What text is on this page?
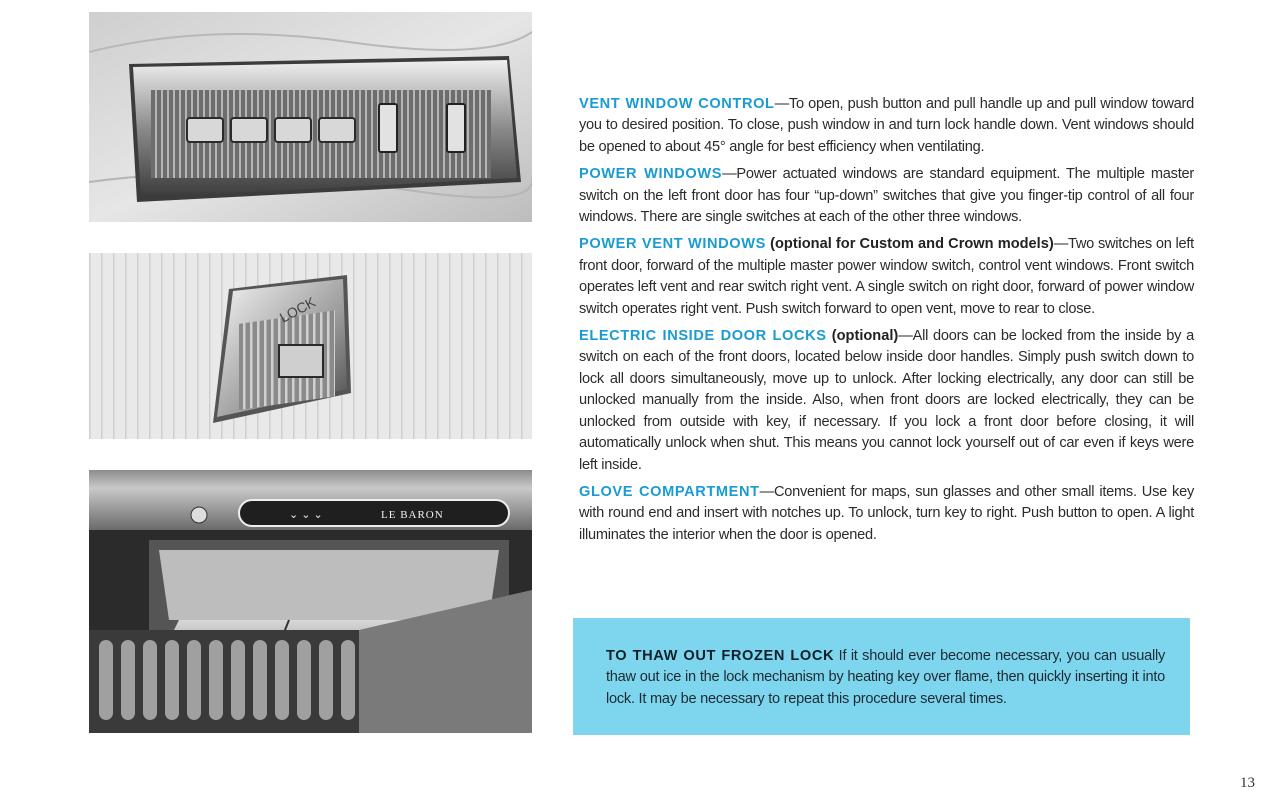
LOCK
LE BARON
⌄ ⌄ ⌄

VENT WINDOW CONTROL—To open, push button and pull handle up and pull window toward you to desired position. To close, push window in and turn lock handle down. Vent windows should be opened to about 45° angle for best efficiency when ventilating.

POWER WINDOWS—Power actuated windows are standard equipment. The multiple master switch on the left front door has four “up-down” switches that give you finger-tip control of all four windows. There are single switches at each of the other three windows.

POWER VENT WINDOWS (optional for Custom and Crown models)—Two switches on left front door, forward of the multiple master power window switch, control vent windows. Front switch operates left vent and rear switch right vent. A single switch on right door, forward of power window switch operates right vent. Push switch forward to open vent, move to rear to close.

ELECTRIC INSIDE DOOR LOCKS (optional)—All doors can be locked from the inside by a switch on each of the front doors, located below inside door handles. Simply push switch down to lock all doors simultaneously, move up to unlock. After locking electrically, any door can still be unlocked manually from the inside. Also, when front doors are locked electrically, they can be unlocked from outside with key, if necessary. If you lock a front door before closing, it will automatically unlock when shut. This means you cannot lock yourself out of car even if keys were left inside.

GLOVE COMPARTMENT—Convenient for maps, sun glasses and other small items. Use key with round end and insert with notches up. To unlock, turn key to right. Push button to open. A light illuminates the interior when the door is opened.

TO THAW OUT FROZEN LOCK If it should ever become necessary, you can usually thaw out ice in the lock mechanism by heating key over flame, then quickly inserting it into lock. It may be necessary to repeat this procedure several times.

13
